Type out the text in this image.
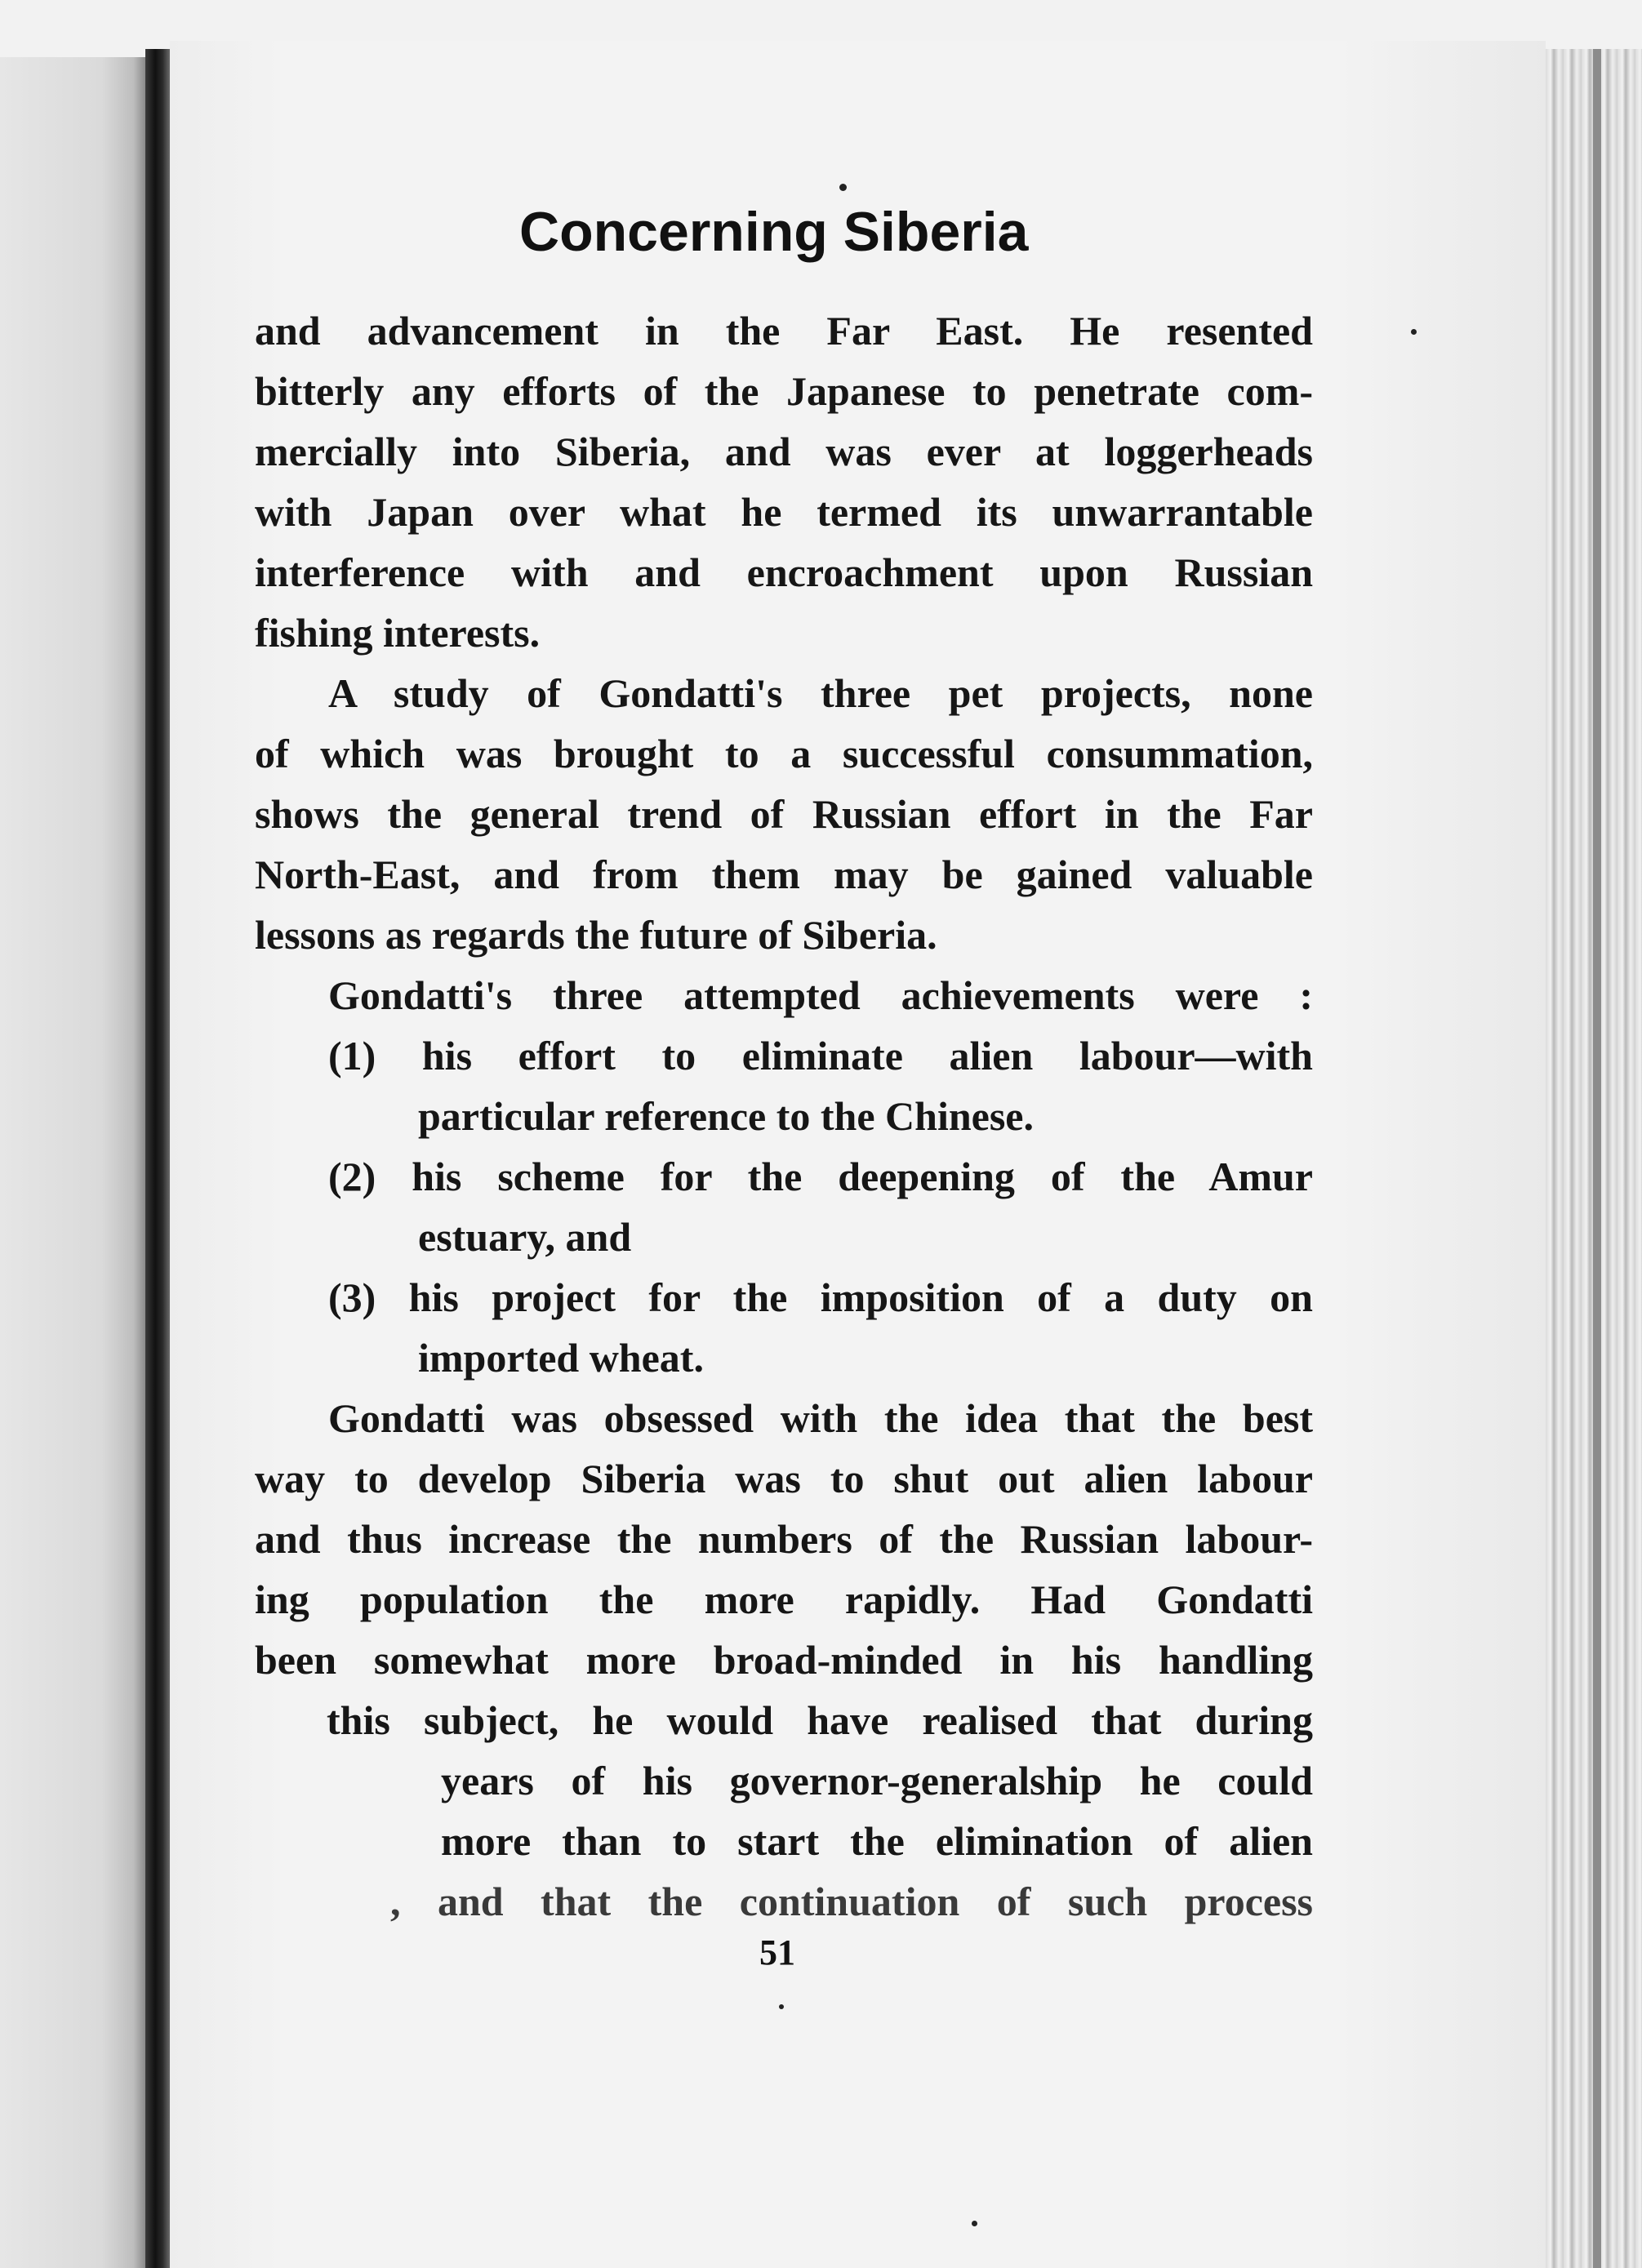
Concerning Siberia
and advancement in the Far East. He resented
bitterly any efforts of the Japanese to penetrate com-
mercially into Siberia, and was ever at loggerheads
with Japan over what he termed its unwarrantable
interference with and encroachment upon Russian
fishing interests.
A study of Gondatti's three pet projects, none
of which was brought to a successful consummation,
shows the general trend of Russian effort in the Far
North-East, and from them may be gained valuable
lessons as regards the future of Siberia.
Gondatti's three attempted achievements were :
(1) his effort to eliminate alien labour—with
particular reference to the Chinese.
(2) his scheme for the deepening of the Amur
estuary, and
(3) his project for the imposition of a duty on
imported wheat.
Gondatti was obsessed with the idea that the best
way to develop Siberia was to shut out alien labour
and thus increase the numbers of the Russian labour-
ing population the more rapidly. Had Gondatti
been somewhat more broad-minded in his handling
this subject, he would have realised that during
years of his governor-generalship he could
more than to start the elimination of alien
, and that the continuation of such process
51
